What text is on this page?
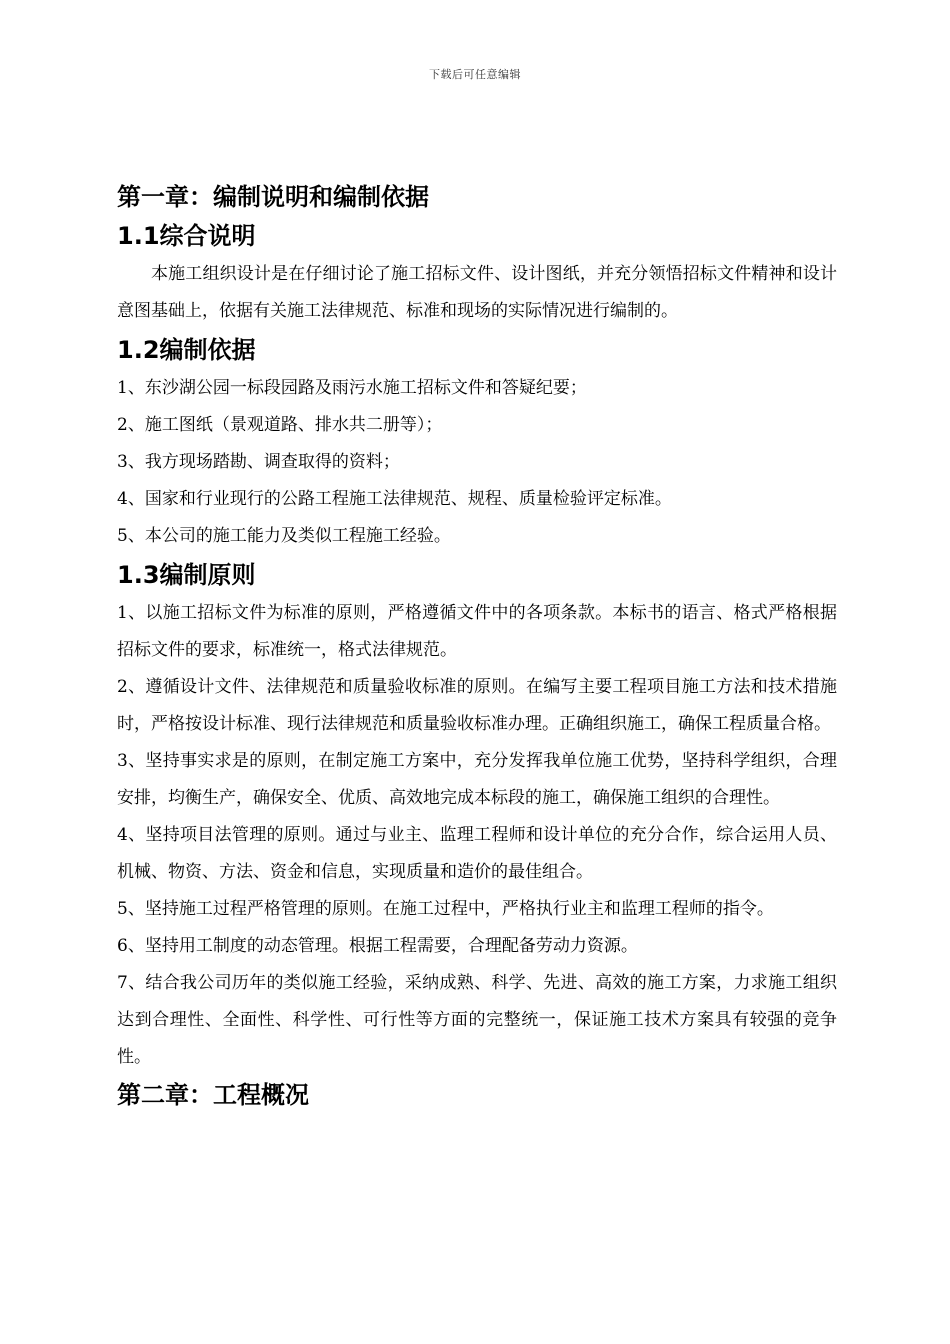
下载后可任意编辑
第一章：编制说明和编制依据
1.1综合说明

本施工组织设计是在仔细讨论了施工招标文件、设计图纸，并充分领悟招标文件精神和设计意图基础上，依据有关施工法律规范、标准和现场的实际情况进行编制的。

1.2编制依据

1、东沙湖公园一标段园路及雨污水施工招标文件和答疑纪要；

2、施工图纸（景观道路、排水共二册等）；

3、我方现场踏勘、调查取得的资料；

4、国家和行业现行的公路工程施工法律规范、规程、质量检验评定标准。

5、本公司的施工能力及类似工程施工经验。

1.3编制原则

1、以施工招标文件为标准的原则，严格遵循文件中的各项条款。本标书的语言、格式严格根据招标文件的要求，标准统一，格式法律规范。

2、遵循设计文件、法律规范和质量验收标准的原则。在编写主要工程项目施工方法和技术措施时，严格按设计标准、现行法律规范和质量验收标准办理。正确组织施工，确保工程质量合格。

3、坚持事实求是的原则，在制定施工方案中，充分发挥我单位施工优势，坚持科学组织，合理安排，均衡生产，确保安全、优质、高效地完成本标段的施工，确保施工组织的合理性。

4、坚持项目法管理的原则。通过与业主、监理工程师和设计单位的充分合作，综合运用人员、机械、物资、方法、资金和信息，实现质量和造价的最佳组合。

5、坚持施工过程严格管理的原则。在施工过程中，严格执行业主和监理工程师的指令。

6、坚持用工制度的动态管理。根据工程需要，合理配备劳动力资源。

7、结合我公司历年的类似施工经验，采纳成熟、科学、先进、高效的施工方案，力求施工组织达到合理性、全面性、科学性、可行性等方面的完整统一，保证施工技术方案具有较强的竞争性。

第二章：工程概况
